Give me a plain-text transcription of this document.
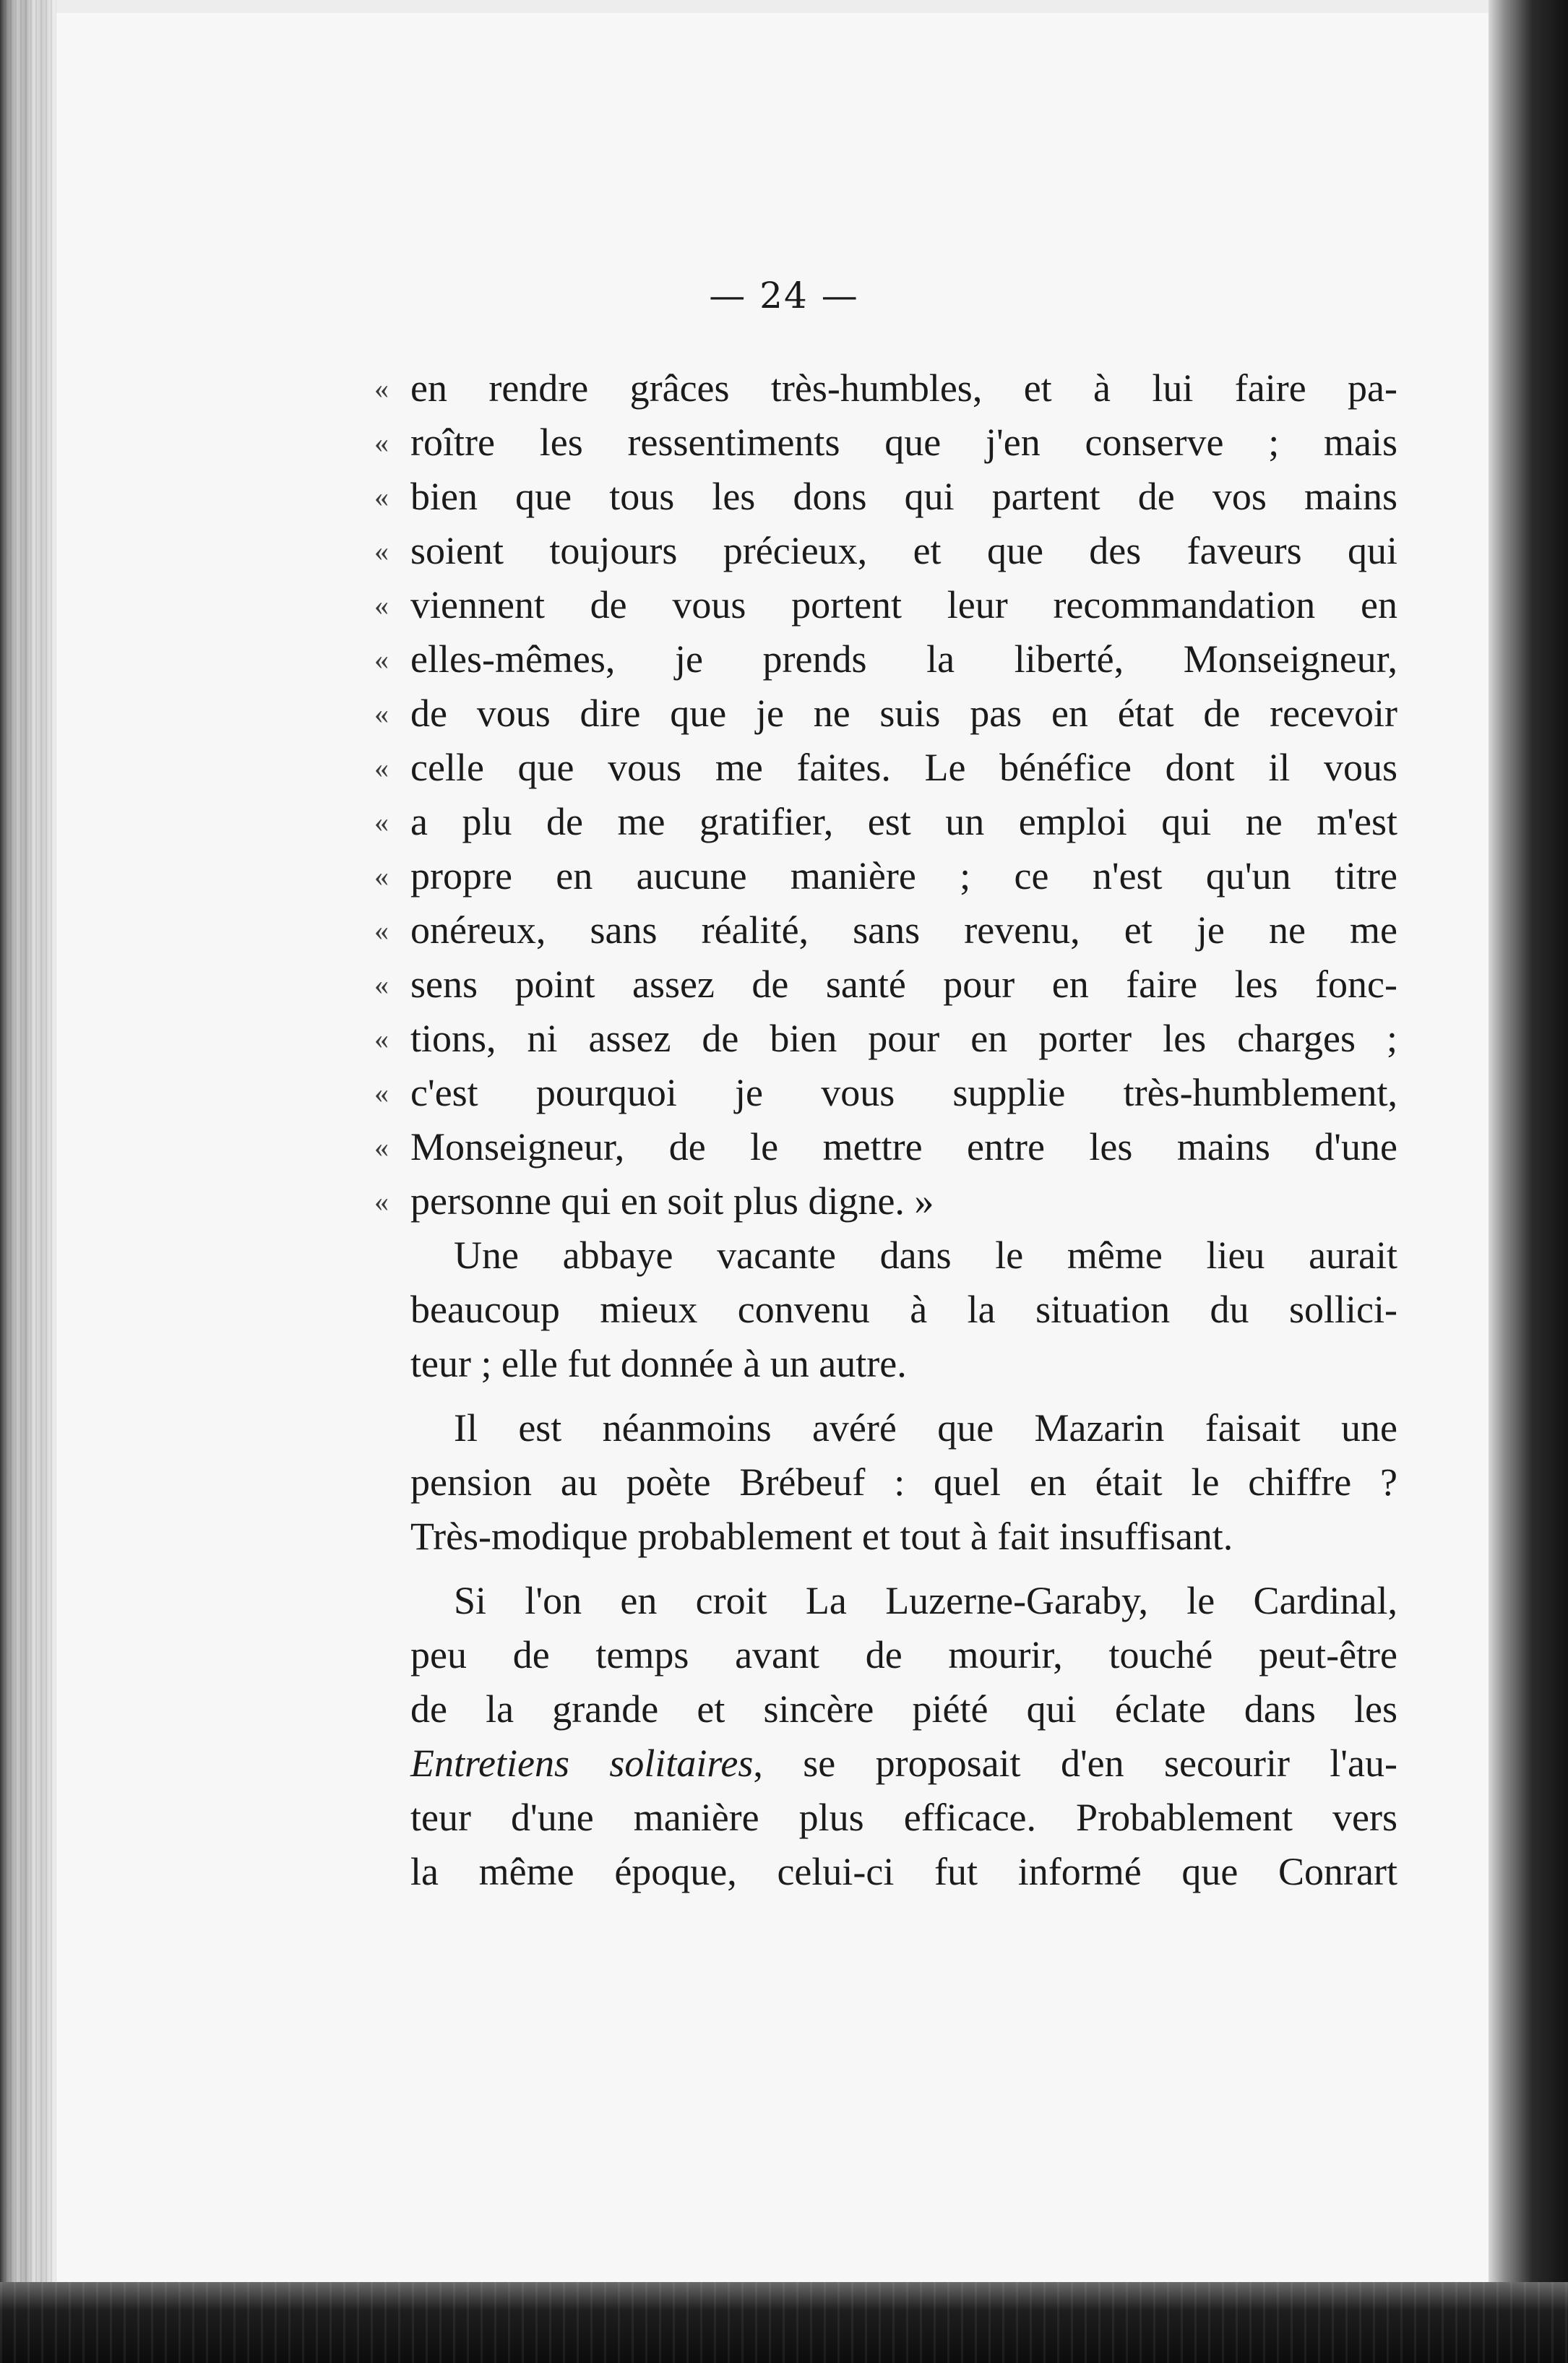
— 24 —
« en rendre grâces très-humbles, et à lui faire pa-
« roître les ressentiments que j'en conserve ; mais
« bien que tous les dons qui partent de vos mains
« soient toujours précieux, et que des faveurs qui
« viennent de vous portent leur recommandation en
« elles-mêmes, je prends la liberté, Monseigneur,
« de vous dire que je ne suis pas en état de recevoir
« celle que vous me faites. Le bénéfice dont il vous
« a plu de me gratifier, est un emploi qui ne m'est
« propre en aucune manière ; ce n'est qu'un titre
« onéreux, sans réalité, sans revenu, et je ne me
« sens point assez de santé pour en faire les fonc-
« tions, ni assez de bien pour en porter les charges ;
« c'est pourquoi je vous supplie très-humblement,
« Monseigneur, de le mettre entre les mains d'une
« personne qui en soit plus digne. »
Une abbaye vacante dans le même lieu aurait
beaucoup mieux convenu à la situation du sollici-
teur ; elle fut donnée à un autre.
Il est néanmoins avéré que Mazarin faisait une
pension au poète Brébeuf : quel en était le chiffre ?
Très-modique probablement et tout à fait insuffisant.
Si l'on en croit La Luzerne-Garaby, le Cardinal,
peu de temps avant de mourir, touché peut-être
de la grande et sincère piété qui éclate dans les
Entretiens solitaires, se proposait d'en secourir l'au-
teur d'une manière plus efficace. Probablement vers
la même époque, celui-ci fut informé que Conrart
